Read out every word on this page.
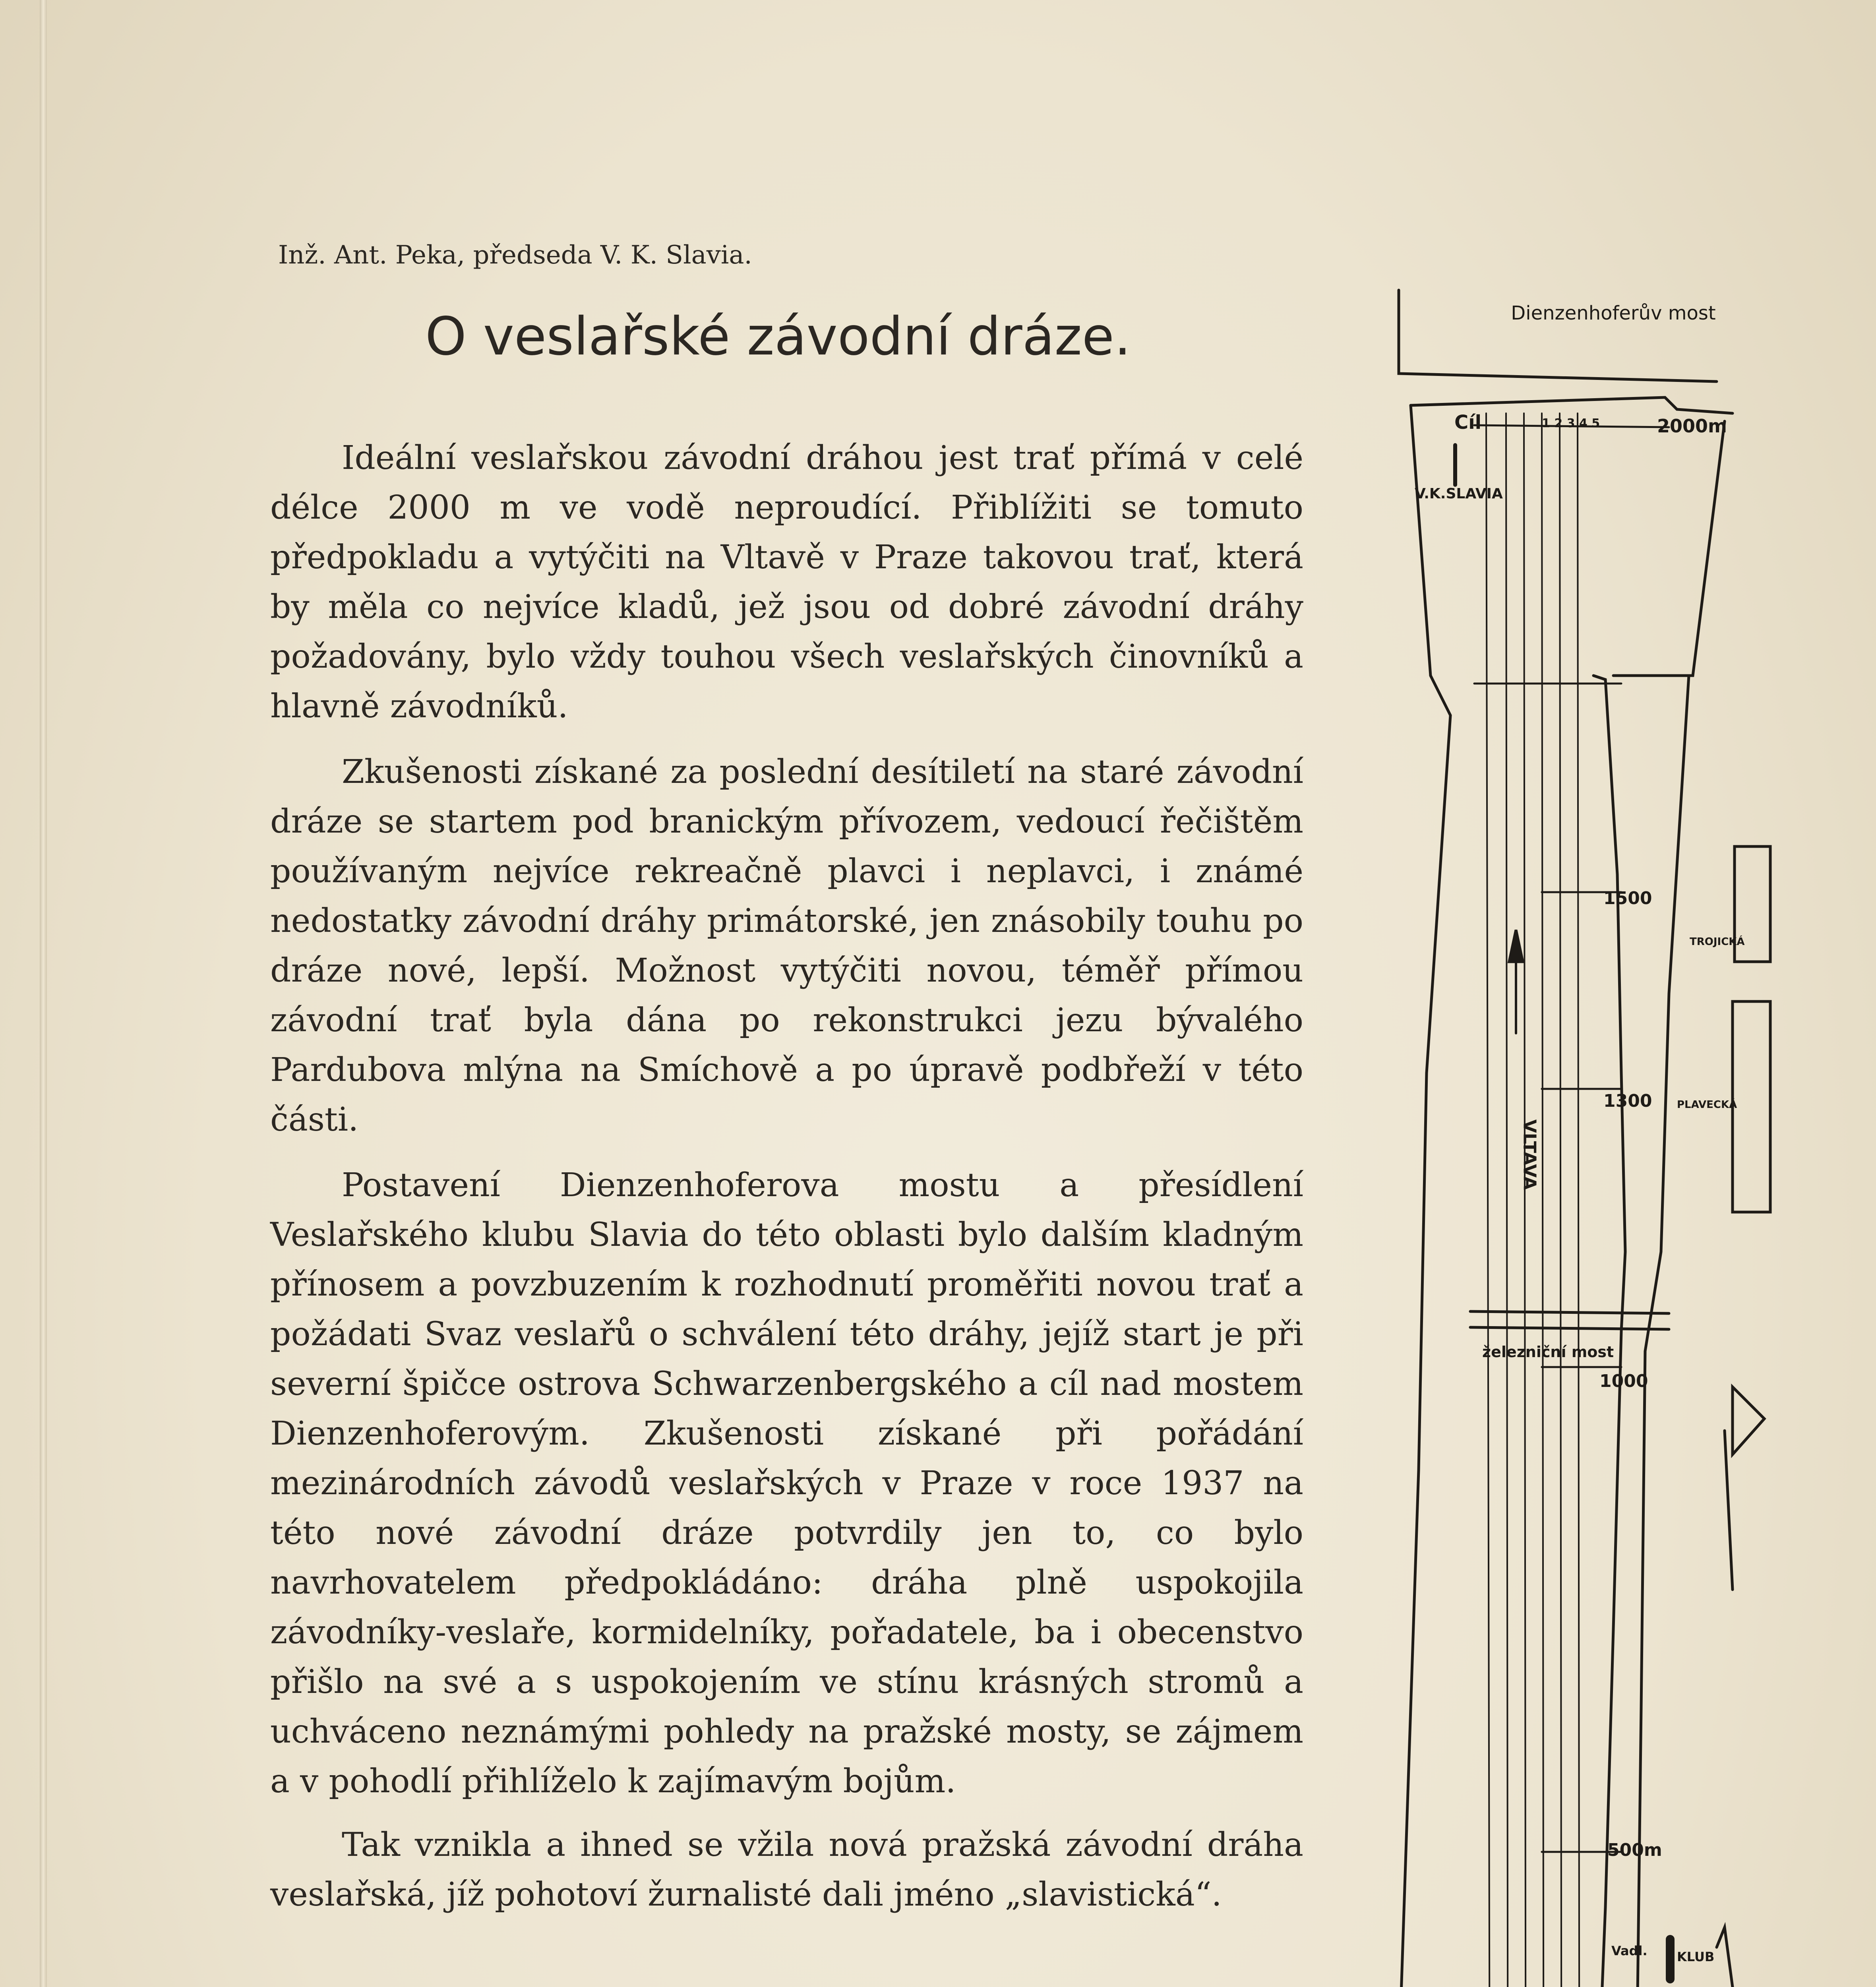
Inž. Ant. Peka, předseda V. K. Slavia.
O veslařské závodní dráze.

Ideální veslařskou závodní dráhou jest trať přímá v celé délce 2000 m ve vodě neproudící. Přiblížiti se tomuto předpokladu a vytýčiti na Vltavě v Praze takovou trať, která by měla co nejvíce kladů, jež jsou od dobré závodní dráhy požadovány, bylo vždy touhou všech veslařských činovníků a hlavně závodníků.

Zkušenosti získané za poslední desítiletí na staré závodní dráze se startem pod branickým přívozem, vedoucí řečištěm používaným nejvíce rekreačně plavci i neplavci, i známé nedostatky závodní dráhy primátorské, jen znásobily touhu po dráze nové, lepší. Možnost vytýčiti novou, téměř přímou závodní trať byla dána po rekonstrukci jezu bývalého Pardubova mlýna na Smíchově a po úpravě podbřeží v této části.

Postavení Dienzenhoferova mostu a přesídlení Veslařského klubu Slavia do této oblasti bylo dalším kladným přínosem a povzbuzením k rozhodnutí proměřiti novou trať a požádati Svaz veslařů o schválení této dráhy, jejíž start je při severní špičce ostrova Schwarzenbergského a cíl nad mostem Dienzenhoferovým. Zkušenosti získané při pořádání mezinárodních závodů veslařských v Praze v roce 1937 na této nové závodní dráze potvrdily jen to, co bylo navrhovatelem předpokládáno: dráha plně uspokojila závodníky-veslaře, kormidelníky, pořadatele, ba i obecenstvo přišlo na své a s uspokojením ve stínu krásných stromů a uchváceno neznámými pohledy na pražské mosty, se zájmem a v pohodlí přihlíželo k zajímavým bojům.

Tak vznikla a ihned se vžila nová pražská závodní dráha veslařská, jíž pohotoví žurnalisté dali jméno „slavistická“.

Dienzenhoferův most
Cíl	1 2 3 4 5	2000m
V.K.SLAVIA
1500
TROJICKÁ
1300 PLAVECKÁ
VLTAVA
železniční most
1000
500m
Vadl. KLUB
